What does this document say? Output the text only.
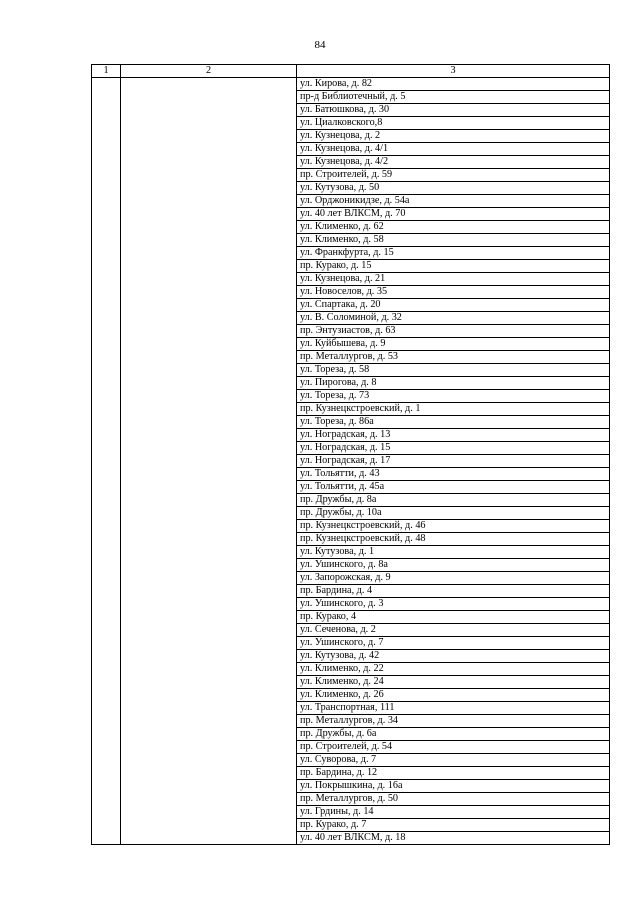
84
1	2	3
		ул. Кирова, д. 82
		пр-д Библиотечный, д. 5
		ул. Батюшкова, д. 30
		ул. Циалковского,8
		ул. Кузнецова, д. 2
		ул. Кузнецова, д. 4/1
		ул. Кузнецова, д. 4/2
		пр. Строителей, д. 59
		ул. Кутузова, д. 50
		ул. Орджоникидзе, д. 54а
		ул. 40 лет ВЛКСМ, д. 70
		ул. Клименко, д. 62
		ул. Клименко, д. 58
		ул. Франкфурта, д. 15
		пр. Курако, д. 15
		ул. Кузнецова, д. 21
		ул. Новоселов, д. 35
		ул. Спартака, д. 20
		ул. В. Соломиной, д. 32
		пр. Энтузиастов, д. 63
		ул. Куйбышева, д. 9
		пр. Металлургов, д. 53
		ул. Тореза, д. 58
		ул. Пирогова, д. 8
		ул. Тореза, д. 73
		пр. Кузнецкстроевский, д. 1
		ул. Тореза, д. 86а
		ул. Ноградская, д. 13
		ул. Ноградская, д. 15
		ул. Ноградская, д. 17
		ул. Тольятти, д. 43
		ул. Тольятти, д. 45а
		пр. Дружбы, д. 8а
		пр. Дружбы, д. 10а
		пр. Кузнецкстроевский, д. 46
		пр. Кузнецкстроевский, д. 48
		ул. Кутузова, д. 1
		ул. Ушинского, д. 8а
		ул. Запорожская, д. 9
		пр. Бардина, д. 4
		ул. Ушинского, д. 3
		пр. Курако, 4
		ул. Сеченова, д. 2
		ул. Ушинского, д. 7
		ул. Кутузова, д. 42
		ул. Клименко, д. 22
		ул. Клименко, д. 24
		ул. Клименко, д. 26
		ул. Транспортная, 111
		пр. Металлургов, д. 34
		пр. Дружбы, д. 6а
		пр. Строителей, д. 54
		ул. Суворова, д. 7
		пр. Бардина, д. 12
		ул. Покрышкина, д. 16а
		пр. Металлургов, д. 50
		ул. Грдины, д. 14
		пр. Курако, д. 7
		ул. 40 лет ВЛКСМ, д. 18
